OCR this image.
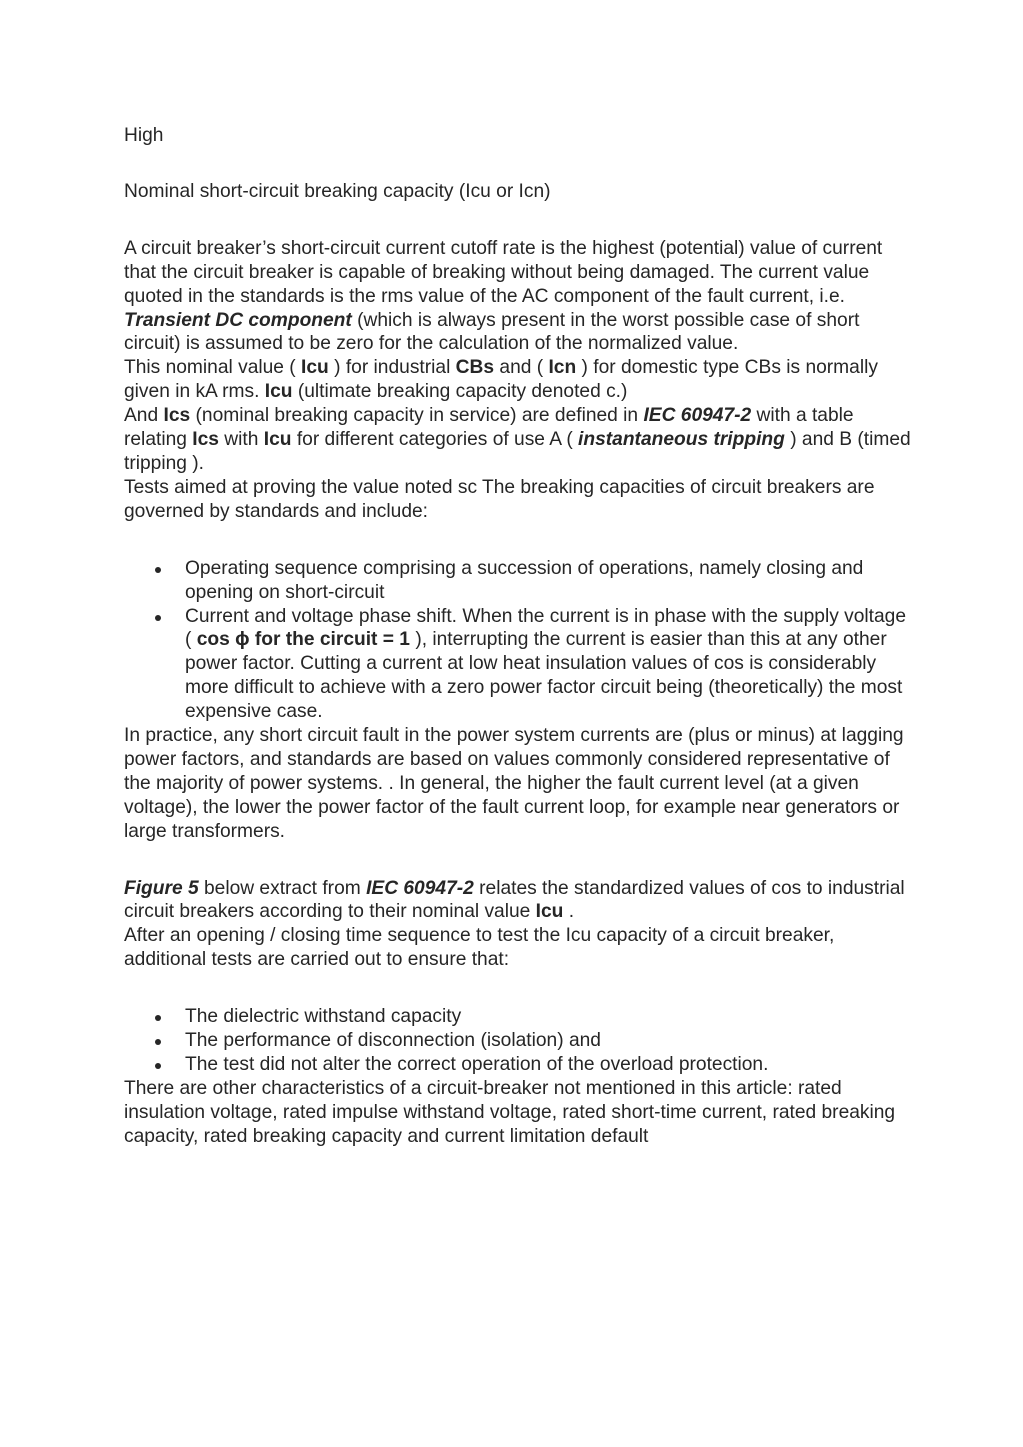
High

Nominal short-circuit breaking capacity (Icu or Icn)

A circuit breaker’s short-circuit current cutoff rate is the highest (potential) value of current that the circuit breaker is capable of breaking without being damaged. The current value quoted in the standards is the rms value of the AC component of the fault current, i.e. Transient DC component (which is always present in the worst possible case of short circuit) is assumed to be zero for the calculation of the normalized value.

This nominal value ( Icu ) for industrial CBs and ( Icn ) for domestic type CBs is normally given in kA rms. Icu (ultimate breaking capacity denoted c.)

And Ics (nominal breaking capacity in service) are defined in IEC 60947-2 with a table relating Ics with Icu for different categories of use A ( instantaneous tripping ) and B (timed tripping ).

Tests aimed at proving the value noted sc The breaking capacities of circuit breakers are governed by standards and include:

Operating sequence comprising a succession of operations, namely closing and opening on short-circuit
Current and voltage phase shift. When the current is in phase with the supply voltage ( cos ϕ for the circuit = 1 ), interrupting the current is easier than this at any other power factor. Cutting a current at low heat insulation values of cos is considerably more difficult to achieve with a zero power factor circuit being (theoretically) the most expensive case.

In practice, any short circuit fault in the power system currents are (plus or minus) at lagging power factors, and standards are based on values commonly considered representative of the majority of power systems. . In general, the higher the fault current level (at a given voltage), the lower the power factor of the fault current loop, for example near generators or large transformers.

Figure 5 below extract from IEC 60947-2 relates the standardized values of cos to industrial circuit breakers according to their nominal value Icu .

After an opening / closing time sequence to test the Icu capacity of a circuit breaker, additional tests are carried out to ensure that:

The dielectric withstand capacity
The performance of disconnection (isolation) and
The test did not alter the correct operation of the overload protection.

There are other characteristics of a circuit-breaker not mentioned in this article: rated insulation voltage, rated impulse withstand voltage, rated short-time current, rated breaking capacity, rated breaking capacity and current limitation default
